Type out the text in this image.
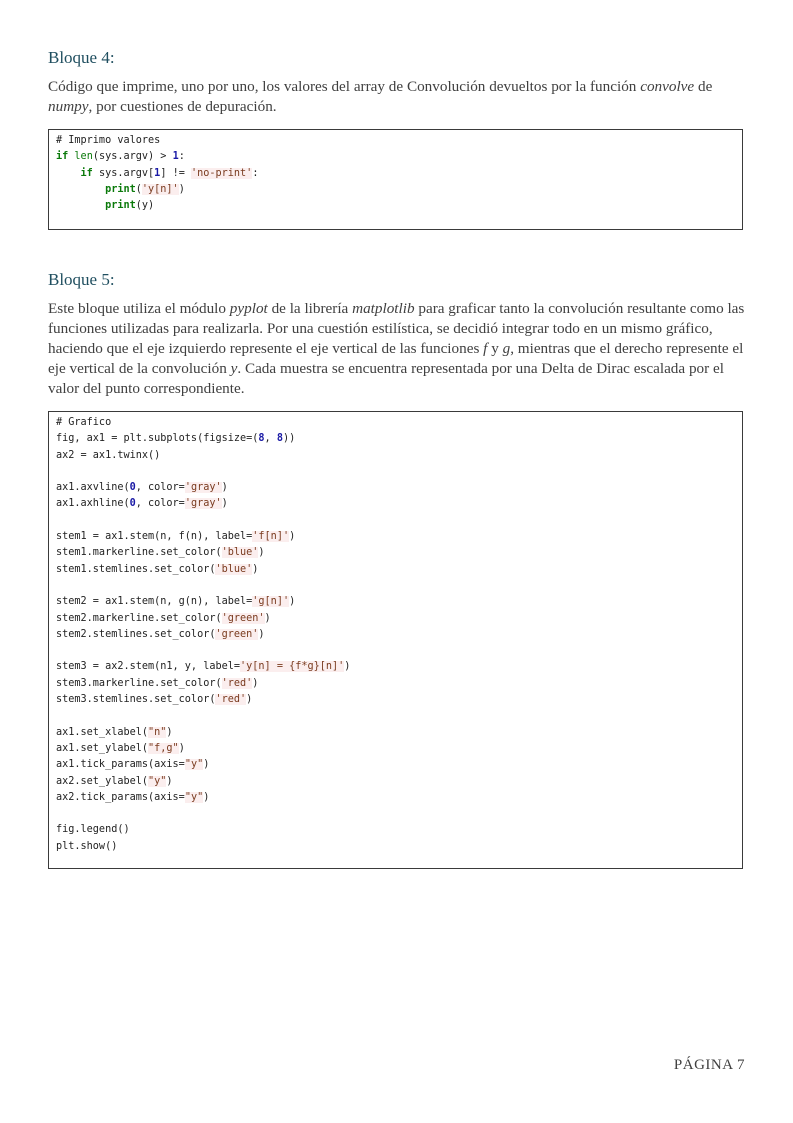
Bloque 4:

Código que imprime, uno por uno, los valores del array de Convolución devueltos por la función convolve de numpy, por cuestiones de depuración.

# Imprimo valores
if len(sys.argv) > 1:
if sys.argv[1] != 'no-print':
print('y[n]')
print(y)
Bloque 5:

Este bloque utiliza el módulo pyplot de la librería matplotlib para graficar tanto la convolución resultante como las funciones utilizadas para realizarla. Por una cuestión estilística, se decidió integrar todo en un mismo gráfico, haciendo que el eje izquierdo represente el eje vertical de las funciones f y g, mientras que el derecho represente el eje vertical de la convolución y. Cada muestra se encuentra representada por una Delta de Dirac escalada por el valor del punto correspondiente.

# Grafico
fig, ax1 = plt.subplots(figsize=(8, 8))
ax2 = ax1.twinx()
ax1.axvline(0, color='gray')
ax1.axhline(0, color='gray')
stem1 = ax1.stem(n, f(n), label='f[n]')
stem1.markerline.set_color('blue')
stem1.stemlines.set_color('blue')
stem2 = ax1.stem(n, g(n), label='g[n]')
stem2.markerline.set_color('green')
stem2.stemlines.set_color('green')
stem3 = ax2.stem(n1, y, label='y[n] = {f*g}[n]')
stem3.markerline.set_color('red')
stem3.stemlines.set_color('red')
ax1.set_xlabel("n")
ax1.set_ylabel("f,g")
ax1.tick_params(axis="y")
ax2.set_ylabel("y")
ax2.tick_params(axis="y")
fig.legend()
plt.show()
PÁGINA 7
